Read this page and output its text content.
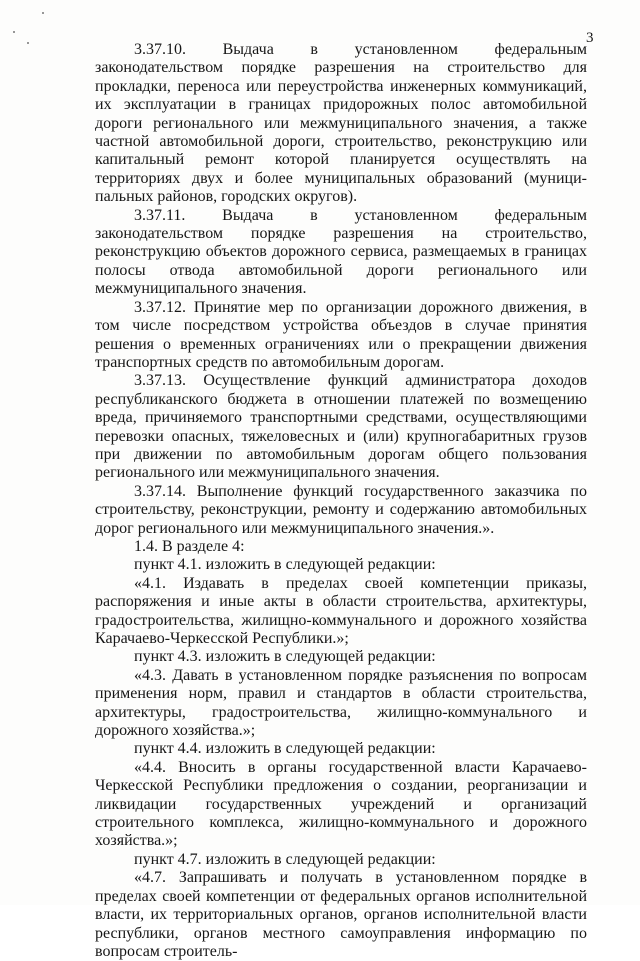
3

3.37.10. Выдача в установленном федеральным законодательством порядке разрешения на строительство для прокладки, переноса или переустройства инженерных коммуникаций, их эксплуатации в границах придорожных полос автомобильной дороги регионального или межмуниципального значения, а также частной автомобильной дороги, строительство, реконструкцию или капитальный ремонт которой планируется осуществлять на территориях двух и более муниципальных образований (муниципальных районов, городских округов).

3.37.11. Выдача в установленном федеральным законодательством порядке разрешения на строительство, реконструкцию объектов дорожного сервиса, размещаемых в границах полосы отвода автомобильной дороги регионального или межмуниципального значения.

3.37.12. Принятие мер по организации дорожного движения, в том числе посредством устройства объездов в случае принятия решения о временных ограничениях или о прекращении движения транспортных средств по автомобильным дорогам.

3.37.13. Осуществление функций администратора доходов республиканского бюджета в отношении платежей по возмещению вреда, причиняемого транспортными средствами, осуществляющими перевозки опасных, тяжеловесных и (или) крупногабаритных грузов при движении по автомобильным дорогам общего пользования регионального или межмуниципального значения.

3.37.14. Выполнение функций государственного заказчика по строительству, реконструкции, ремонту и содержанию автомобильных дорог регионального или межмуниципального значения.».

1.4. В разделе 4:

пункт 4.1. изложить в следующей редакции:

«4.1. Издавать в пределах своей компетенции приказы, распоряжения и иные акты в области строительства, архитектуры, градостроительства, жилищно-коммунального и дорожного хозяйства Карачаево-Черкесской Республики.»;

пункт 4.3. изложить в следующей редакции:

«4.3. Давать в установленном порядке разъяснения по вопросам применения норм, правил и стандартов в области строительства, архитектуры, градостроительства, жилищно-коммунального и дорожного хозяйства.»;

пункт 4.4. изложить в следующей редакции:

«4.4. Вносить в органы государственной власти Карачаево-Черкесской Республики предложения о создании, реорганизации и ликвидации государственных учреждений и организаций строительного комплекса, жилищно-коммунального и дорожного хозяйства.»;

пункт 4.7. изложить в следующей редакции:

«4.7. Запрашивать и получать в установленном порядке в пределах своей компетенции от федеральных органов исполнительной власти, их территориальных органов, органов исполнительной власти республики, органов местного самоуправления информацию по вопросам строитель-
